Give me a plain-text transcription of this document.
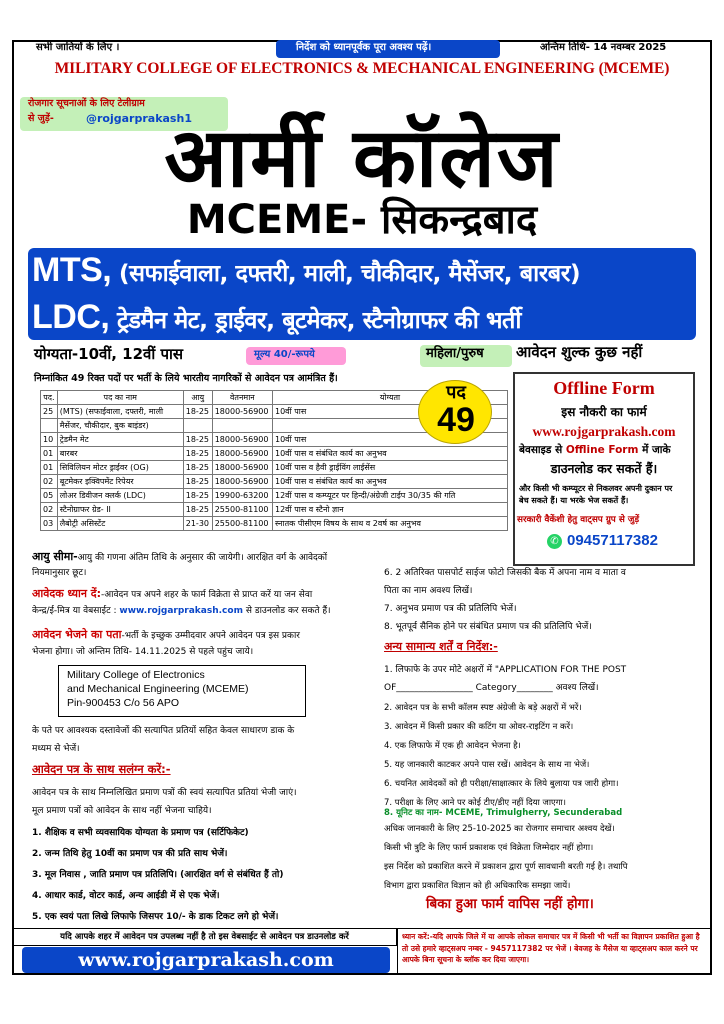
सभी जातियों के लिए ।	निर्देश को ध्यानपूर्वक पूरा अवश्य पढ़ें।	अन्तिम तिथि- 14 नवम्बर 2025
MILITARY COLLEGE OF ELECTRONICS & MECHANICAL ENGINEERING (MCEME)
रोजगार सूचनाओं के लिए टेलीग्राम
से जुड़ें-	@rojgarprakash1
आर्मी कॉलेज
MCEME- सिकन्द्रबाद
MTS, (सफाईवाला, दफ्तरी, माली, चौकीदार, मैसेंजर, बारबर)
LDC, ट्रेडमैन मेट, ड्राईवर, बूटमेकर, स्टैनोग्राफर की भर्ती
योग्यता-10वीं, 12वीं पास	मूल्य 40/-रूपये	महिला/पुरुष आवेदन शुल्क कुछ नहीं
निम्नांकित 49 रिक्त पदों पर भर्ती के लिये भारतीय नागरिकों से आवेदन पत्र आमंत्रित हैं।
पद.	पद का नाम	आयु	वेतनमान	योग्यता
25	(MTS) (सफाईवाला, दफ्तरी, माली	18-25	18000-56900	10वीं पास
	मैसेंजर, चौकीदार, बुक बाइंडर)			
10	ट्रेडमैन मेट	18-25	18000-56900	10वीं पास
01	बारबर	18-25	18000-56900	10वीं पास व संबंधित कार्य का अनुभव
01	सिविलियन मोटर ड्राईवर (OG)	18-25	18000-56900	10वीं पास व हैवी ड्राईविंग लाईसेंस
02	बूटमेकर इक्विपमेंट रिपेयर	18-25	18000-56900	10वीं पास व संबंधित कार्य का अनुभव
05	लोअर डिवीजन क्लर्क (LDC)	18-25	19900-63200	12वीं पास व कम्प्यूटर पर हिन्दी/अंग्रेजी टाईप 30/35 की गति
02	स्टैनोग्राफर ग्रेड- II	18-25	25500-81100	12वीं पास व स्टैनो ज्ञान
03	लैबोट्री असिस्टेंट	21-30	25500-81100	स्नातक पीसीएम विषय के साथ व 2वर्ष का अनुभव
पद
49
Offline Form
इस नौकरी का फार्म
www.rojgarprakash.com
बेवसाइड से Offline Form में जाके
डाउनलोड कर सकतें हैं।
और किसी भी कम्प्यूटर से निकलवर अपनी दुकान पर
बेच सकते हैं। या भरके भेज सकतें हैं।
सरकारी वैकेंशी हेतु वाट्सप ग्रुप से जुड़ें
✆ 09457117382
आयु सीमा-आयु की गणना अंतिम तिथि के अनुसार की जायेगी। आरक्षित वर्ग के आवेदकों
नियमानुसार छूट।
आवेदक ध्यान दें:-आवेदन पत्र अपने शहर के फार्म विक्रेता से प्राप्त करें या जन सेवा
केन्द्र/ई-मित्र या वेबसाईट : www.rojgarprakash.com से डाउनलोड कर सकते हैं।
आवेदन भेजने का पता-भर्ती के इच्छुक उम्मीदवार अपने आवेदन पत्र इस प्रकार
भेजना होगा। जो अन्तिम तिथि- 14.11.2025 से पहले पहुंच जाये।
Military College of Electronics
and Mechanical Engineering (MCEME)
Pin-900453 C/o 56 APO
के पते पर आवश्यक दस्तावेजों की सत्यापित प्रतियों सहित केवल साधारण डाक के
मध्यम से भेजें।
आवेदन पत्र के साथ सलंग्न करें:-
आवेदन पत्र के साथ निम्नलिखित प्रमाण पत्रों की स्वयं सत्यापित प्रतियां भेजी जाएं।
मूल प्रमाण पत्रों को आवेदन के साथ नहीं भेजना चाहिये।
1. शैक्षिक व सभी व्यवसायिक योग्यता के प्रमाण पत्र (सर्टिफिकेट)
2. जन्म तिथि हेतु 10वीं का प्रमाण पत्र की प्रति साथ भेजें।
3. मूल निवास , जाति प्रमाण पत्र प्रतिलिपि। (आरक्षित वर्ग से संबंधित हैं तो)
4. आधार कार्ड, वोटर कार्ड, अन्य आईडी में से एक भेजें।
5. एक स्वयं पता लिखे लिफाफे जिसपर 10/- के डाक टिकट लगे हो भेजें।
6. 2 अतिरिक्त पासपोर्ट साईज फोटो जिसकी बैक में अपना नाम व माता व
पिता का नाम अवश्य लिखें।
7. अनुभव प्रमाण पत्र की प्रतिलिपि भेजें।
8. भूतपूर्व सैनिक होने पर संबंधित प्रमाण पत्र की प्रतिलिपि भेजें।
अन्य सामान्य शर्तें व निर्देश:-
1. लिफाफे के उपर मोटे अक्षरों में "APPLICATION FOR THE POST
OF_________________ Category________ अवश्य लिखें।
2. आवेदन पत्र के सभी कॉलम स्पष्ट अंग्रेजी के बड़े अक्षरों में भरें।
3. आवेदन में किसी प्रकार की कटिंग या ओवर-राइटिंग न करें।
4. एक लिफाफे में एक ही आवेदन भेजना है।
5. यह जानकारी काटकर अपने पास रखें। आवेदन के साथ ना भेजें।
6. चयनित आवेदकों को ही परीक्षा/साक्षात्कार के लिये बुलाया पत्र जारी होगा।
7. परीक्षा के लिए आने पर कोई टीए/डीए नहीं दिया जाएगा।
8. यूनिट का नाम- MCEME, Trimulgherry, Secunderabad
अधिक जानकारी के लिए 25-10-2025 का रोजगार समाचार अश्वय देखें।
किसी भी त्रुटि के लिए फार्म प्रकाशक एवं विक्रेता जिम्मेदार नहीं होगा।
इस निर्देश को प्रकाशित करने में प्रकाशन द्वारा पूर्ण सावधानी बरती गई है। तथापि
विभाग द्वारा प्रकाशित विज्ञान को ही अधिकारिक समझा जायें।
बिका हुआ फार्म वापिस नहीं होगा।
यदि आपके शहर में आवेदन पत्र उपलब्ध नहीं है तो इस वेबसाईट से आवेदन पत्र डाउनलोड करें
www.rojgarprakash.com
ध्यान करें:-यदि आपके जिले में या आपके लोकल समाचार पत्र में किसी भी भर्ती का विज्ञापन प्रकाशित हुआ है तो उसे हमारे व्हाट्सअप नम्बर - 9457117382 पर भेजें । बेवजह के मैसेज या व्हाट्सअप काल करने पर आपके बिना सूचना के ब्लॉक कर दिया जाएगा।
